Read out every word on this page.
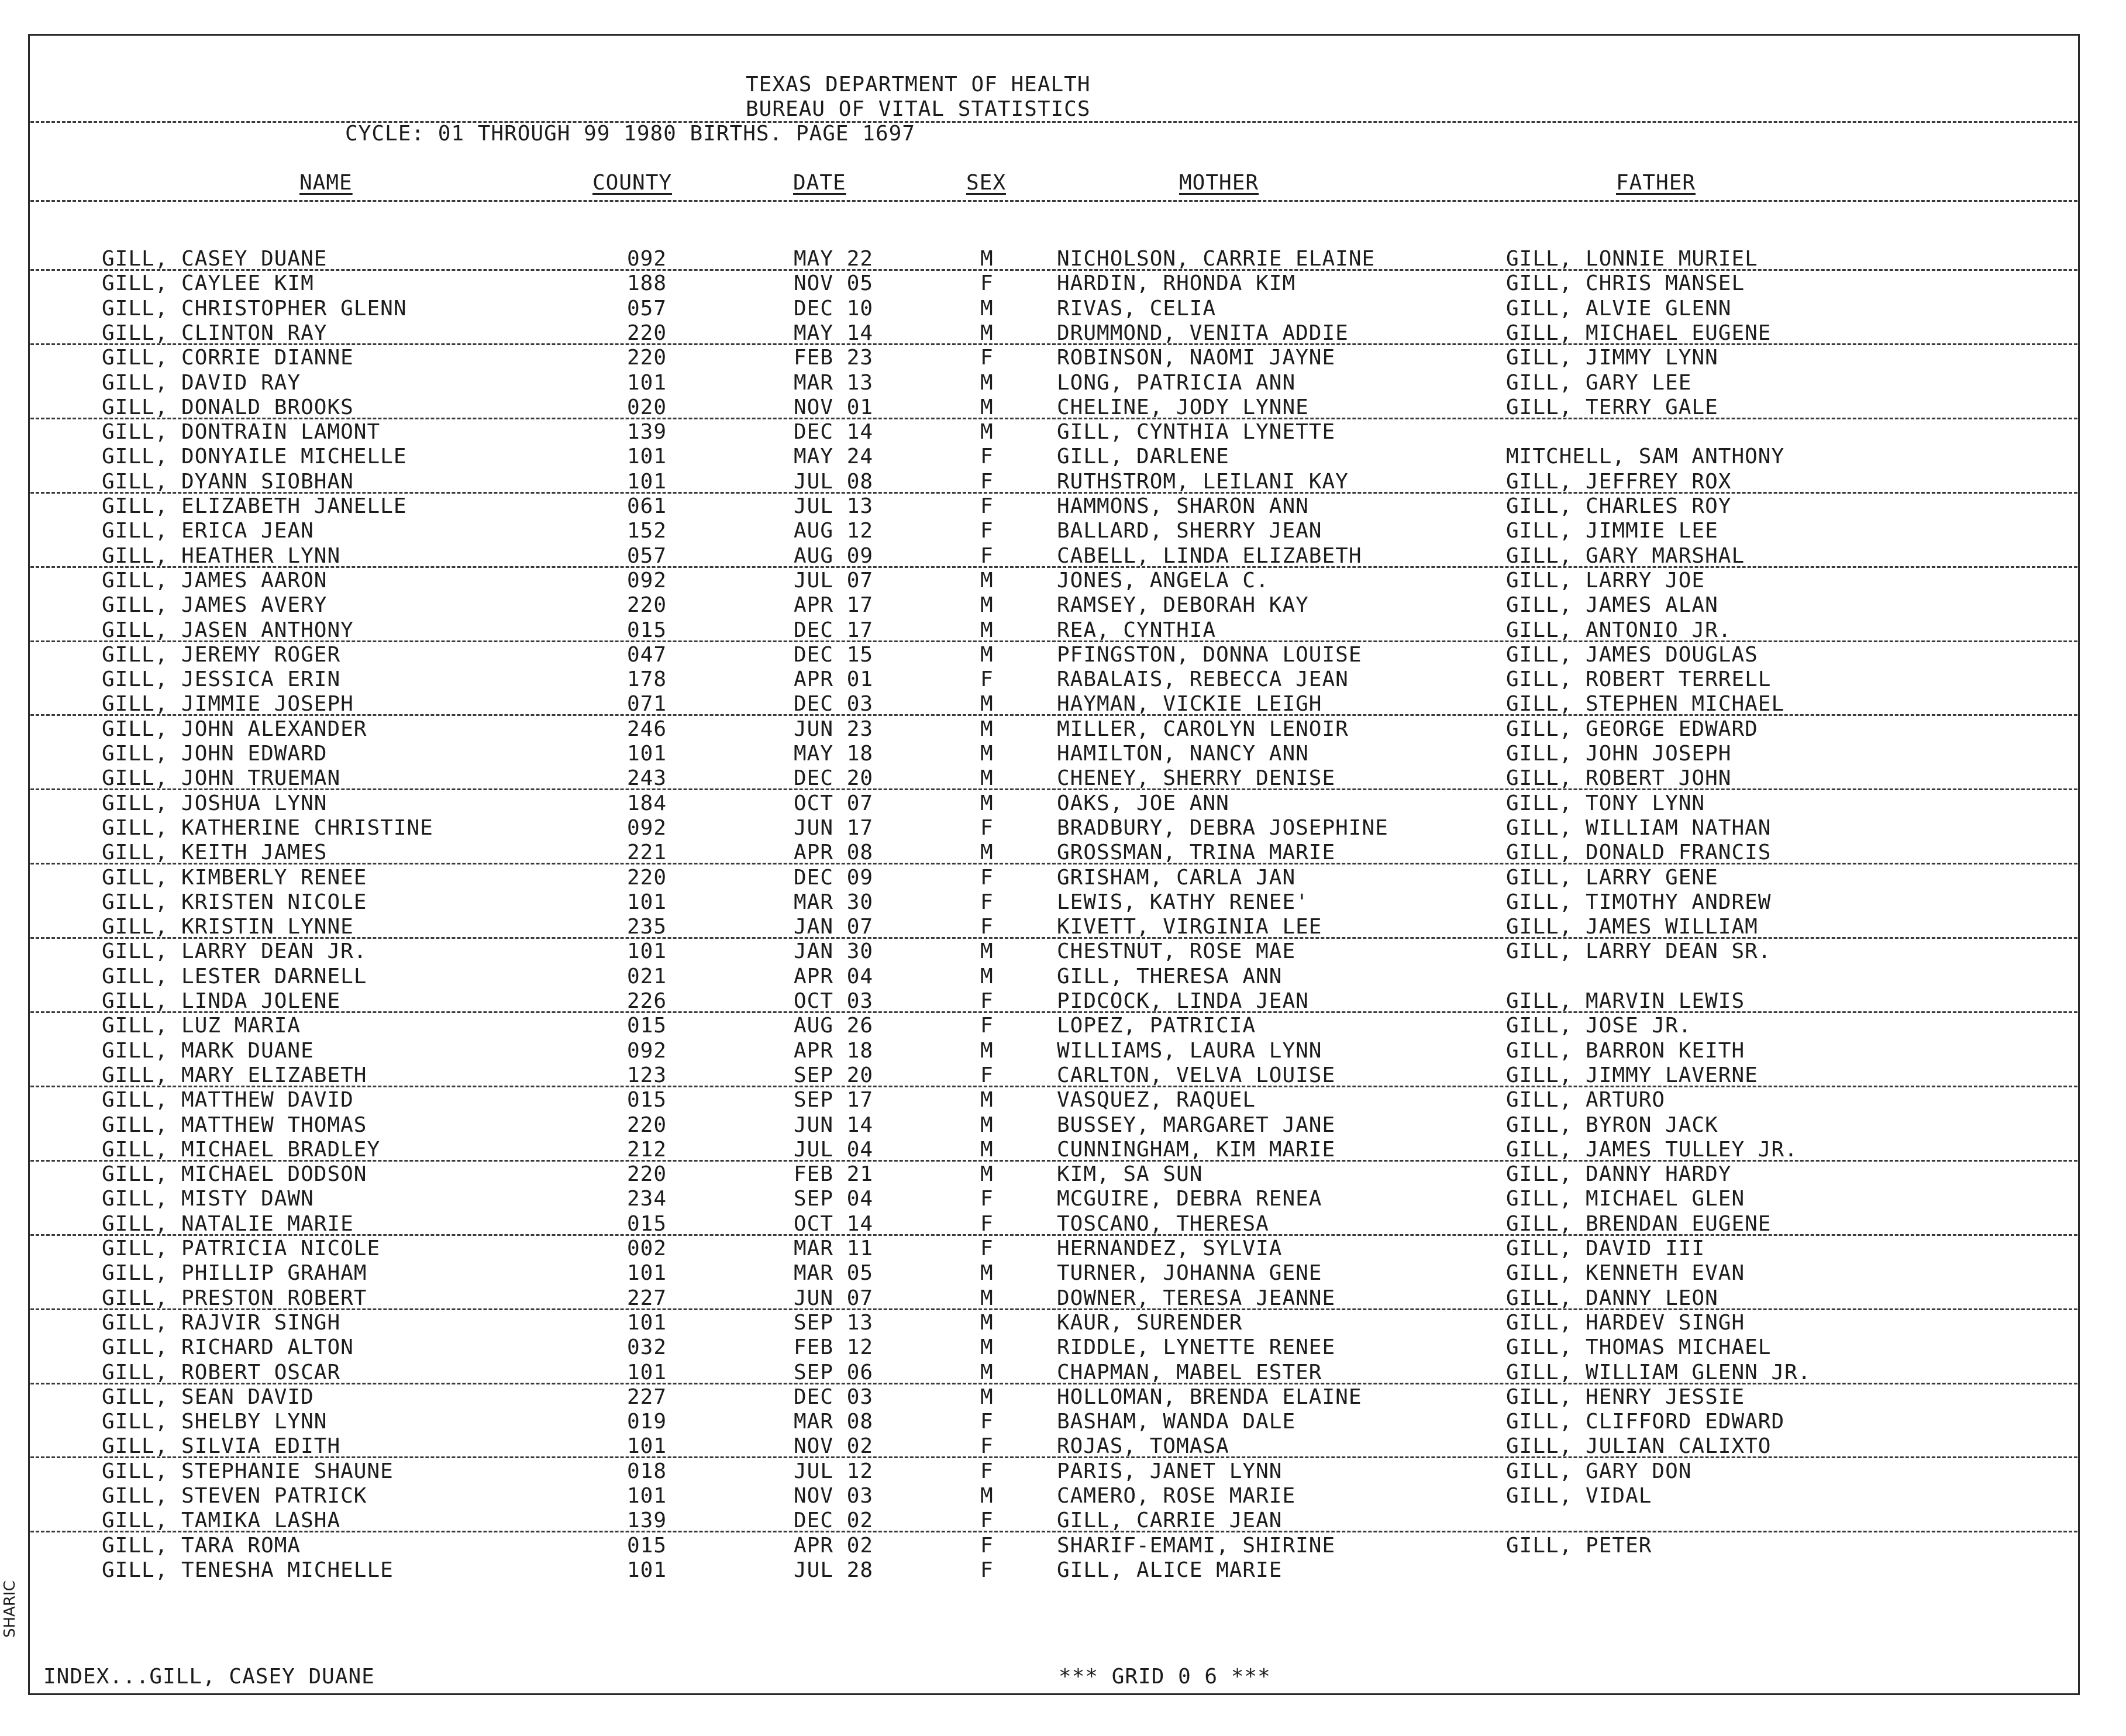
TEXAS DEPARTMENT OF HEALTH
BUREAU OF VITAL STATISTICS
CYCLE: 01 THROUGH 99 1980 BIRTHS. PAGE 1697
NAME	COUNTY	DATE	SEX	MOTHER	FATHER
GILL, CASEY DUANE	092	MAY 22	M	NICHOLSON, CARRIE ELAINE	GILL, LONNIE MURIEL
GILL, CAYLEE KIM	188	NOV 05	F	HARDIN, RHONDA KIM	GILL, CHRIS MANSEL
GILL, CHRISTOPHER GLENN	057	DEC 10	M	RIVAS, CELIA	GILL, ALVIE GLENN
GILL, CLINTON RAY	220	MAY 14	M	DRUMMOND, VENITA ADDIE	GILL, MICHAEL EUGENE
GILL, CORRIE DIANNE	220	FEB 23	F	ROBINSON, NAOMI JAYNE	GILL, JIMMY LYNN
GILL, DAVID RAY	101	MAR 13	M	LONG, PATRICIA ANN	GILL, GARY LEE
GILL, DONALD BROOKS	020	NOV 01	M	CHELINE, JODY LYNNE	GILL, TERRY GALE
GILL, DONTRAIN LAMONT	139	DEC 14	M	GILL, CYNTHIA LYNETTE
GILL, DONYAILE MICHELLE	101	MAY 24	F	GILL, DARLENE	MITCHELL, SAM ANTHONY
GILL, DYANN SIOBHAN	101	JUL 08	F	RUTHSTROM, LEILANI KAY	GILL, JEFFREY ROX
GILL, ELIZABETH JANELLE	061	JUL 13	F	HAMMONS, SHARON ANN	GILL, CHARLES ROY
GILL, ERICA JEAN	152	AUG 12	F	BALLARD, SHERRY JEAN	GILL, JIMMIE LEE
GILL, HEATHER LYNN	057	AUG 09	F	CABELL, LINDA ELIZABETH	GILL, GARY MARSHAL
GILL, JAMES AARON	092	JUL 07	M	JONES, ANGELA C.	GILL, LARRY JOE
GILL, JAMES AVERY	220	APR 17	M	RAMSEY, DEBORAH KAY	GILL, JAMES ALAN
GILL, JASEN ANTHONY	015	DEC 17	M	REA, CYNTHIA	GILL, ANTONIO JR.
GILL, JEREMY ROGER	047	DEC 15	M	PFINGSTON, DONNA LOUISE	GILL, JAMES DOUGLAS
GILL, JESSICA ERIN	178	APR 01	F	RABALAIS, REBECCA JEAN	GILL, ROBERT TERRELL
GILL, JIMMIE JOSEPH	071	DEC 03	M	HAYMAN, VICKIE LEIGH	GILL, STEPHEN MICHAEL
GILL, JOHN ALEXANDER	246	JUN 23	M	MILLER, CAROLYN LENOIR	GILL, GEORGE EDWARD
GILL, JOHN EDWARD	101	MAY 18	M	HAMILTON, NANCY ANN	GILL, JOHN JOSEPH
GILL, JOHN TRUEMAN	243	DEC 20	M	CHENEY, SHERRY DENISE	GILL, ROBERT JOHN
GILL, JOSHUA LYNN	184	OCT 07	M	OAKS, JOE ANN	GILL, TONY LYNN
GILL, KATHERINE CHRISTINE	092	JUN 17	F	BRADBURY, DEBRA JOSEPHINE	GILL, WILLIAM NATHAN
GILL, KEITH JAMES	221	APR 08	M	GROSSMAN, TRINA MARIE	GILL, DONALD FRANCIS
GILL, KIMBERLY RENEE	220	DEC 09	F	GRISHAM, CARLA JAN	GILL, LARRY GENE
GILL, KRISTEN NICOLE	101	MAR 30	F	LEWIS, KATHY RENEE'	GILL, TIMOTHY ANDREW
GILL, KRISTIN LYNNE	235	JAN 07	F	KIVETT, VIRGINIA LEE	GILL, JAMES WILLIAM
GILL, LARRY DEAN JR.	101	JAN 30	M	CHESTNUT, ROSE MAE	GILL, LARRY DEAN SR.
GILL, LESTER DARNELL	021	APR 04	M	GILL, THERESA ANN
GILL, LINDA JOLENE	226	OCT 03	F	PIDCOCK, LINDA JEAN	GILL, MARVIN LEWIS
GILL, LUZ MARIA	015	AUG 26	F	LOPEZ, PATRICIA	GILL, JOSE JR.
GILL, MARK DUANE	092	APR 18	M	WILLIAMS, LAURA LYNN	GILL, BARRON KEITH
GILL, MARY ELIZABETH	123	SEP 20	F	CARLTON, VELVA LOUISE	GILL, JIMMY LAVERNE
GILL, MATTHEW DAVID	015	SEP 17	M	VASQUEZ, RAQUEL	GILL, ARTURO
GILL, MATTHEW THOMAS	220	JUN 14	M	BUSSEY, MARGARET JANE	GILL, BYRON JACK
GILL, MICHAEL BRADLEY	212	JUL 04	M	CUNNINGHAM, KIM MARIE	GILL, JAMES TULLEY JR.
GILL, MICHAEL DODSON	220	FEB 21	M	KIM, SA SUN	GILL, DANNY HARDY
GILL, MISTY DAWN	234	SEP 04	F	MCGUIRE, DEBRA RENEA	GILL, MICHAEL GLEN
GILL, NATALIE MARIE	015	OCT 14	F	TOSCANO, THERESA	GILL, BRENDAN EUGENE
GILL, PATRICIA NICOLE	002	MAR 11	F	HERNANDEZ, SYLVIA	GILL, DAVID III
GILL, PHILLIP GRAHAM	101	MAR 05	M	TURNER, JOHANNA GENE	GILL, KENNETH EVAN
GILL, PRESTON ROBERT	227	JUN 07	M	DOWNER, TERESA JEANNE	GILL, DANNY LEON
GILL, RAJVIR SINGH	101	SEP 13	M	KAUR, SURENDER	GILL, HARDEV SINGH
GILL, RICHARD ALTON	032	FEB 12	M	RIDDLE, LYNETTE RENEE	GILL, THOMAS MICHAEL
GILL, ROBERT OSCAR	101	SEP 06	M	CHAPMAN, MABEL ESTER	GILL, WILLIAM GLENN JR.
GILL, SEAN DAVID	227	DEC 03	M	HOLLOMAN, BRENDA ELAINE	GILL, HENRY JESSIE
GILL, SHELBY LYNN	019	MAR 08	F	BASHAM, WANDA DALE	GILL, CLIFFORD EDWARD
GILL, SILVIA EDITH	101	NOV 02	F	ROJAS, TOMASA	GILL, JULIAN CALIXTO
GILL, STEPHANIE SHAUNE	018	JUL 12	F	PARIS, JANET LYNN	GILL, GARY DON
GILL, STEVEN PATRICK	101	NOV 03	M	CAMERO, ROSE MARIE	GILL, VIDAL
GILL, TAMIKA LASHA	139	DEC 02	F	GILL, CARRIE JEAN
GILL, TARA ROMA	015	APR 02	F	SHARIF-EMAMI, SHIRINE	GILL, PETER
GILL, TENESHA MICHELLE	101	JUL 28	F	GILL, ALICE MARIE
INDEX...GILL, CASEY DUANE	*** GRID 0 6 ***
SHARIC
